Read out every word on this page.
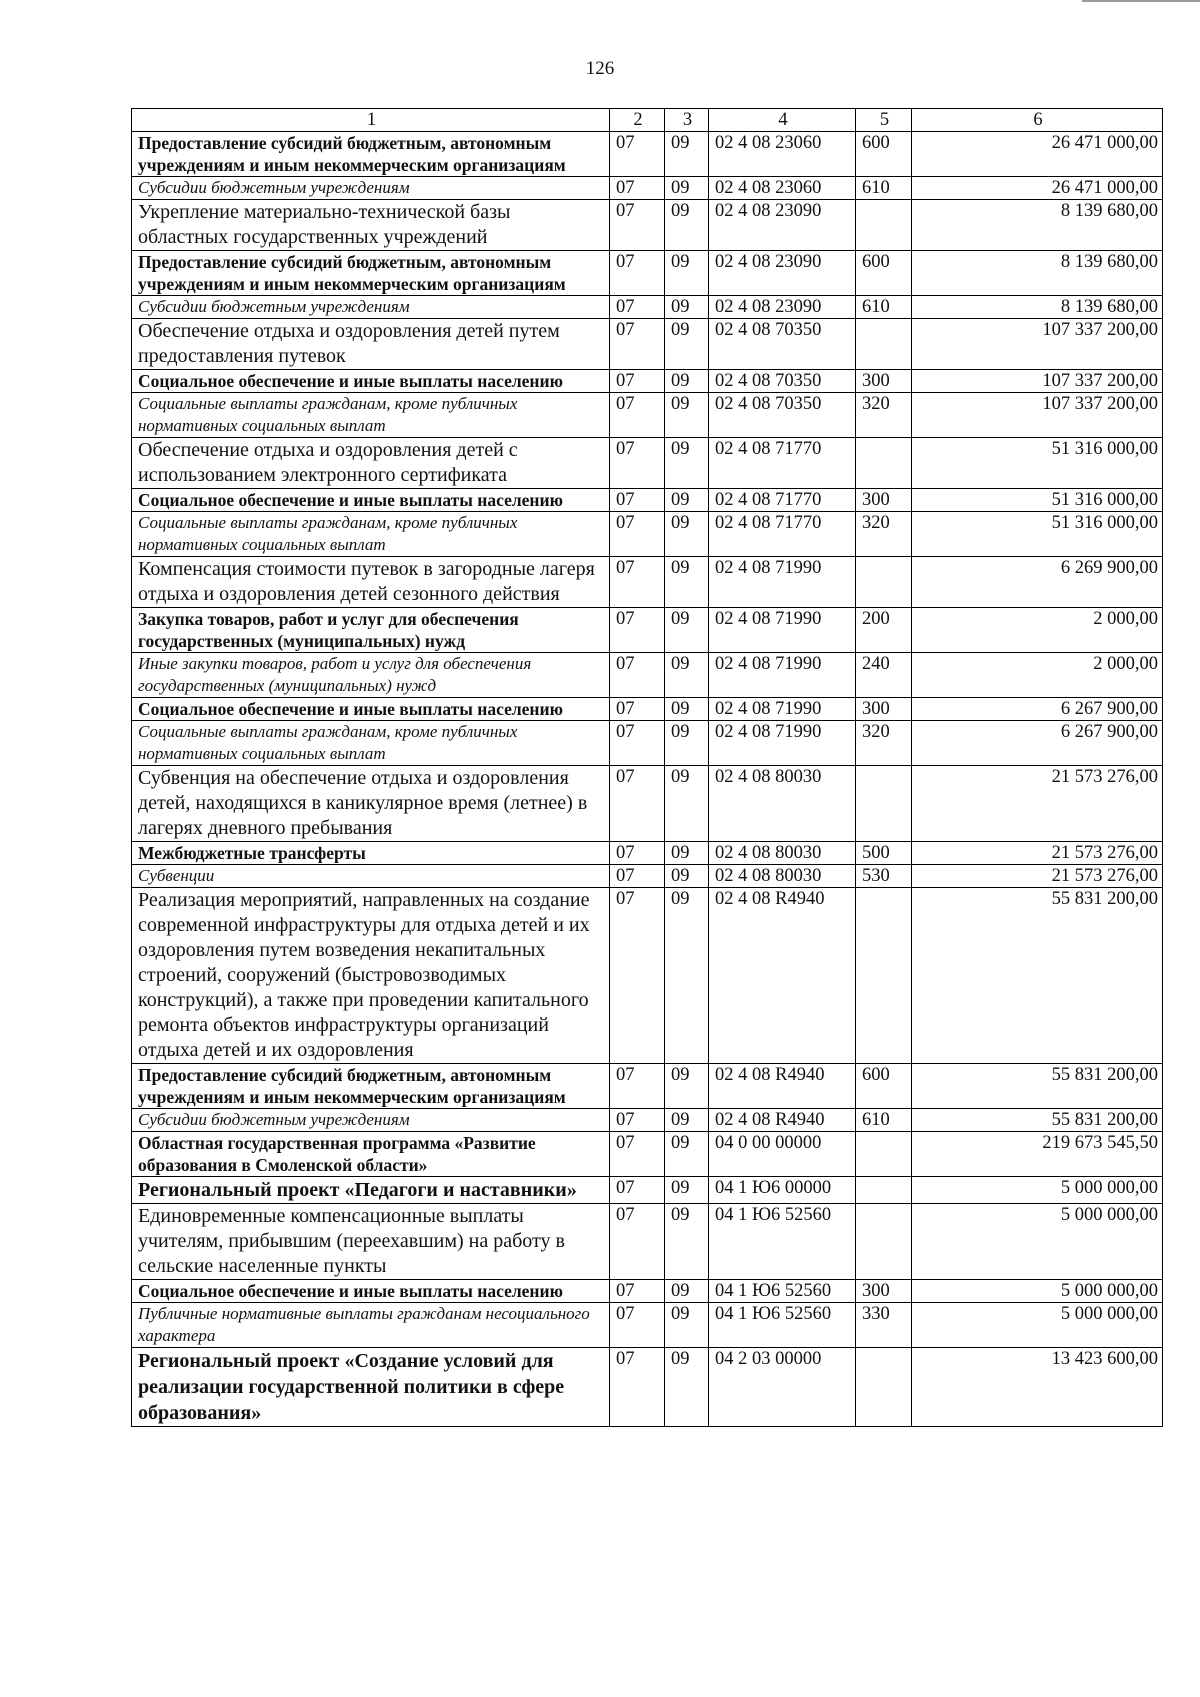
126
1	2	3	4	5	6
Предоставление субсидий бюджетным, автономным учреждениям и иным некоммерческим организациям	07	09	02 4 08 23060	600	26 471 000,00
Субсидии бюджетным учреждениям	07	09	02 4 08 23060	610	26 471 000,00
Укрепление материально-технической базы областных государственных учреждений	07	09	02 4 08 23090		8 139 680,00
Предоставление субсидий бюджетным, автономным учреждениям и иным некоммерческим организациям	07	09	02 4 08 23090	600	8 139 680,00
Субсидии бюджетным учреждениям	07	09	02 4 08 23090	610	8 139 680,00
Обеспечение отдыха и оздоровления детей путем предоставления путевок	07	09	02 4 08 70350		107 337 200,00
Социальное обеспечение и иные выплаты населению	07	09	02 4 08 70350	300	107 337 200,00
Социальные выплаты гражданам, кроме публичных нормативных социальных выплат	07	09	02 4 08 70350	320	107 337 200,00
Обеспечение отдыха и оздоровления детей с использованием электронного сертификата	07	09	02 4 08 71770		51 316 000,00
Социальное обеспечение и иные выплаты населению	07	09	02 4 08 71770	300	51 316 000,00
Социальные выплаты гражданам, кроме публичных нормативных социальных выплат	07	09	02 4 08 71770	320	51 316 000,00
Компенсация стоимости путевок в загородные лагеря отдыха и оздоровления детей сезонного действия	07	09	02 4 08 71990		6 269 900,00
Закупка товаров, работ и услуг для обеспечения государственных (муниципальных) нужд	07	09	02 4 08 71990	200	2 000,00
Иные закупки товаров, работ и услуг для обеспечения государственных (муниципальных) нужд	07	09	02 4 08 71990	240	2 000,00
Социальное обеспечение и иные выплаты населению	07	09	02 4 08 71990	300	6 267 900,00
Социальные выплаты гражданам, кроме публичных нормативных социальных выплат	07	09	02 4 08 71990	320	6 267 900,00
Субвенция на обеспечение отдыха и оздоровления детей, находящихся в каникулярное время (летнее) в лагерях дневного пребывания	07	09	02 4 08 80030		21 573 276,00
Межбюджетные трансферты	07	09	02 4 08 80030	500	21 573 276,00
Субвенции	07	09	02 4 08 80030	530	21 573 276,00
Реализация мероприятий, направленных на создание современной инфраструктуры для отдыха детей и их оздоровления путем возведения некапитальных строений, сооружений (быстровозводимых конструкций), а также при проведении капитального ремонта объектов инфраструктуры организаций отдыха детей и их оздоровления	07	09	02 4 08 R4940		55 831 200,00
Предоставление субсидий бюджетным, автономным учреждениям и иным некоммерческим организациям	07	09	02 4 08 R4940	600	55 831 200,00
Субсидии бюджетным учреждениям	07	09	02 4 08 R4940	610	55 831 200,00
Областная государственная программа «Развитие образования в Смоленской области»	07	09	04 0 00 00000		219 673 545,50
Региональный проект «Педагоги и наставники»	07	09	04 1 Ю6 00000		5 000 000,00
Единовременные компенсационные выплаты учителям, прибывшим (переехавшим) на работу в сельские населенные пункты	07	09	04 1 Ю6 52560		5 000 000,00
Социальное обеспечение и иные выплаты населению	07	09	04 1 Ю6 52560	300	5 000 000,00
Публичные нормативные выплаты гражданам несоциального характера	07	09	04 1 Ю6 52560	330	5 000 000,00
Региональный проект «Создание условий для реализации государственной политики в сфере образования»	07	09	04 2 03 00000		13 423 600,00
